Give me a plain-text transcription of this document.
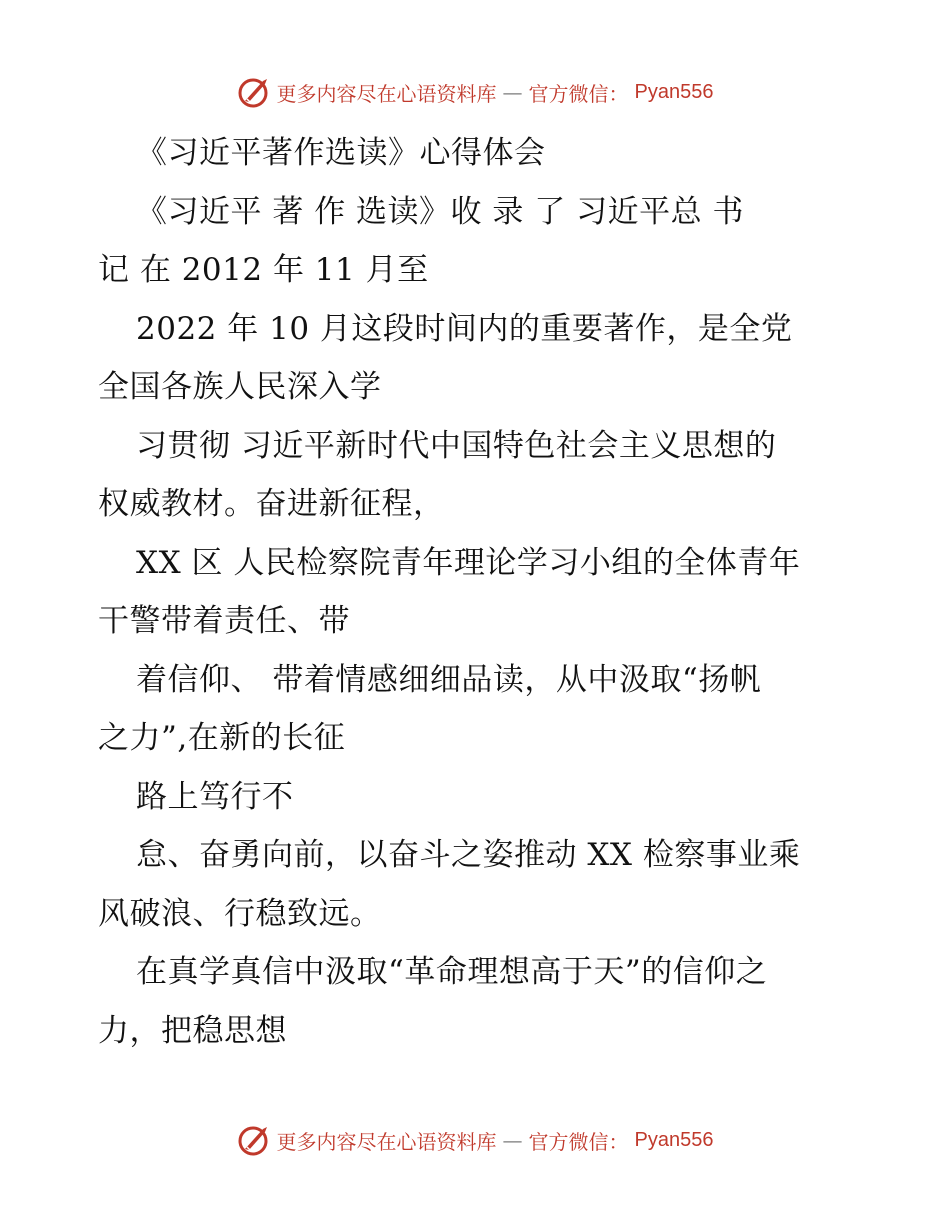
更多内容尽在心语资料库 — 官方微信： Pyan556
《习近平著作选读》心得体会
《习近平 著 作 选读》收 录 了 习近平总 书
记 在 2012 年 11 月至
2022 年 10 月这段时间内的重要著作，是全党
全国各族人民深入学
习贯彻 习近平新时代中国特色社会主义思想的
权威教材。奋进新征程，
XX 区 人民检察院青年理论学习小组的全体青年
干警带着责任、带
着信仰、 带着情感细细品读，从中汲取“扬帆
之力”,在新的长征
路上笃行不
怠、奋勇向前，以奋斗之姿推动 XX 检察事业乘
风破浪、行稳致远。
在真学真信中汲取“革命理想高于天”的信仰之
力，把稳思想
更多内容尽在心语资料库 — 官方微信： Pyan556
